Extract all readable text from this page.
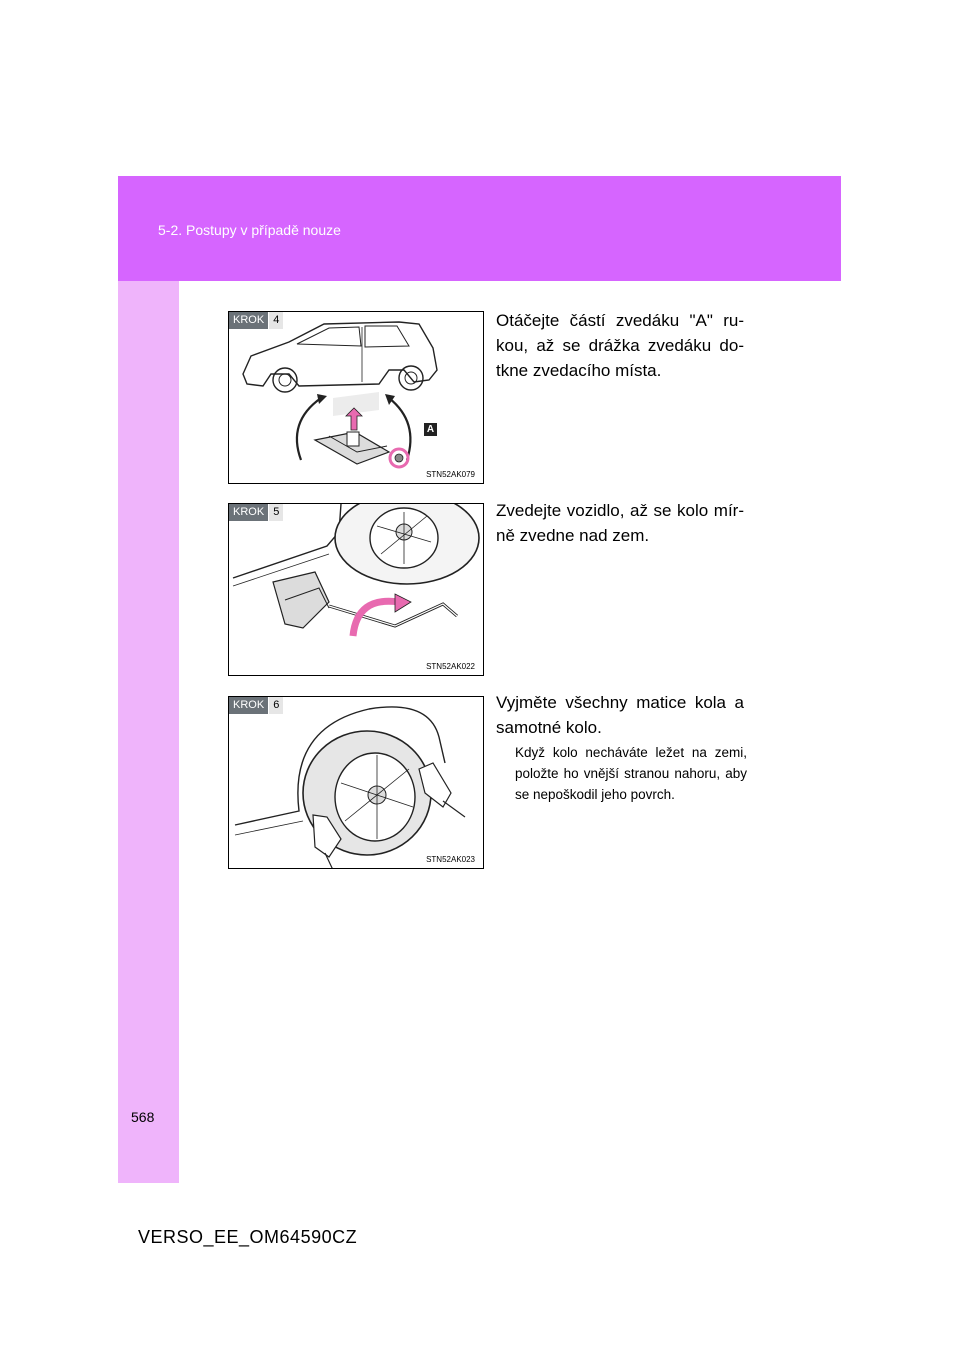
5-2. Postupy v případě nouze
KROK 4
A
STN52AK079
KROK 5
STN52AK022
KROK 6
STN52AK023
Otáčejte částí zvedáku "A" ru-kou, až se drážka zvedáku do-tkne zvedacího místa.
Zvedejte vozidlo, až se kolo mír-ně zvedne nad zem.
Vyjměte všechny matice kola a samotné kolo.
Když kolo necháváte ležet na zemi, položte ho vnější stranou nahoru, aby se nepoškodil jeho povrch.
568
VERSO_EE_OM64590CZ
